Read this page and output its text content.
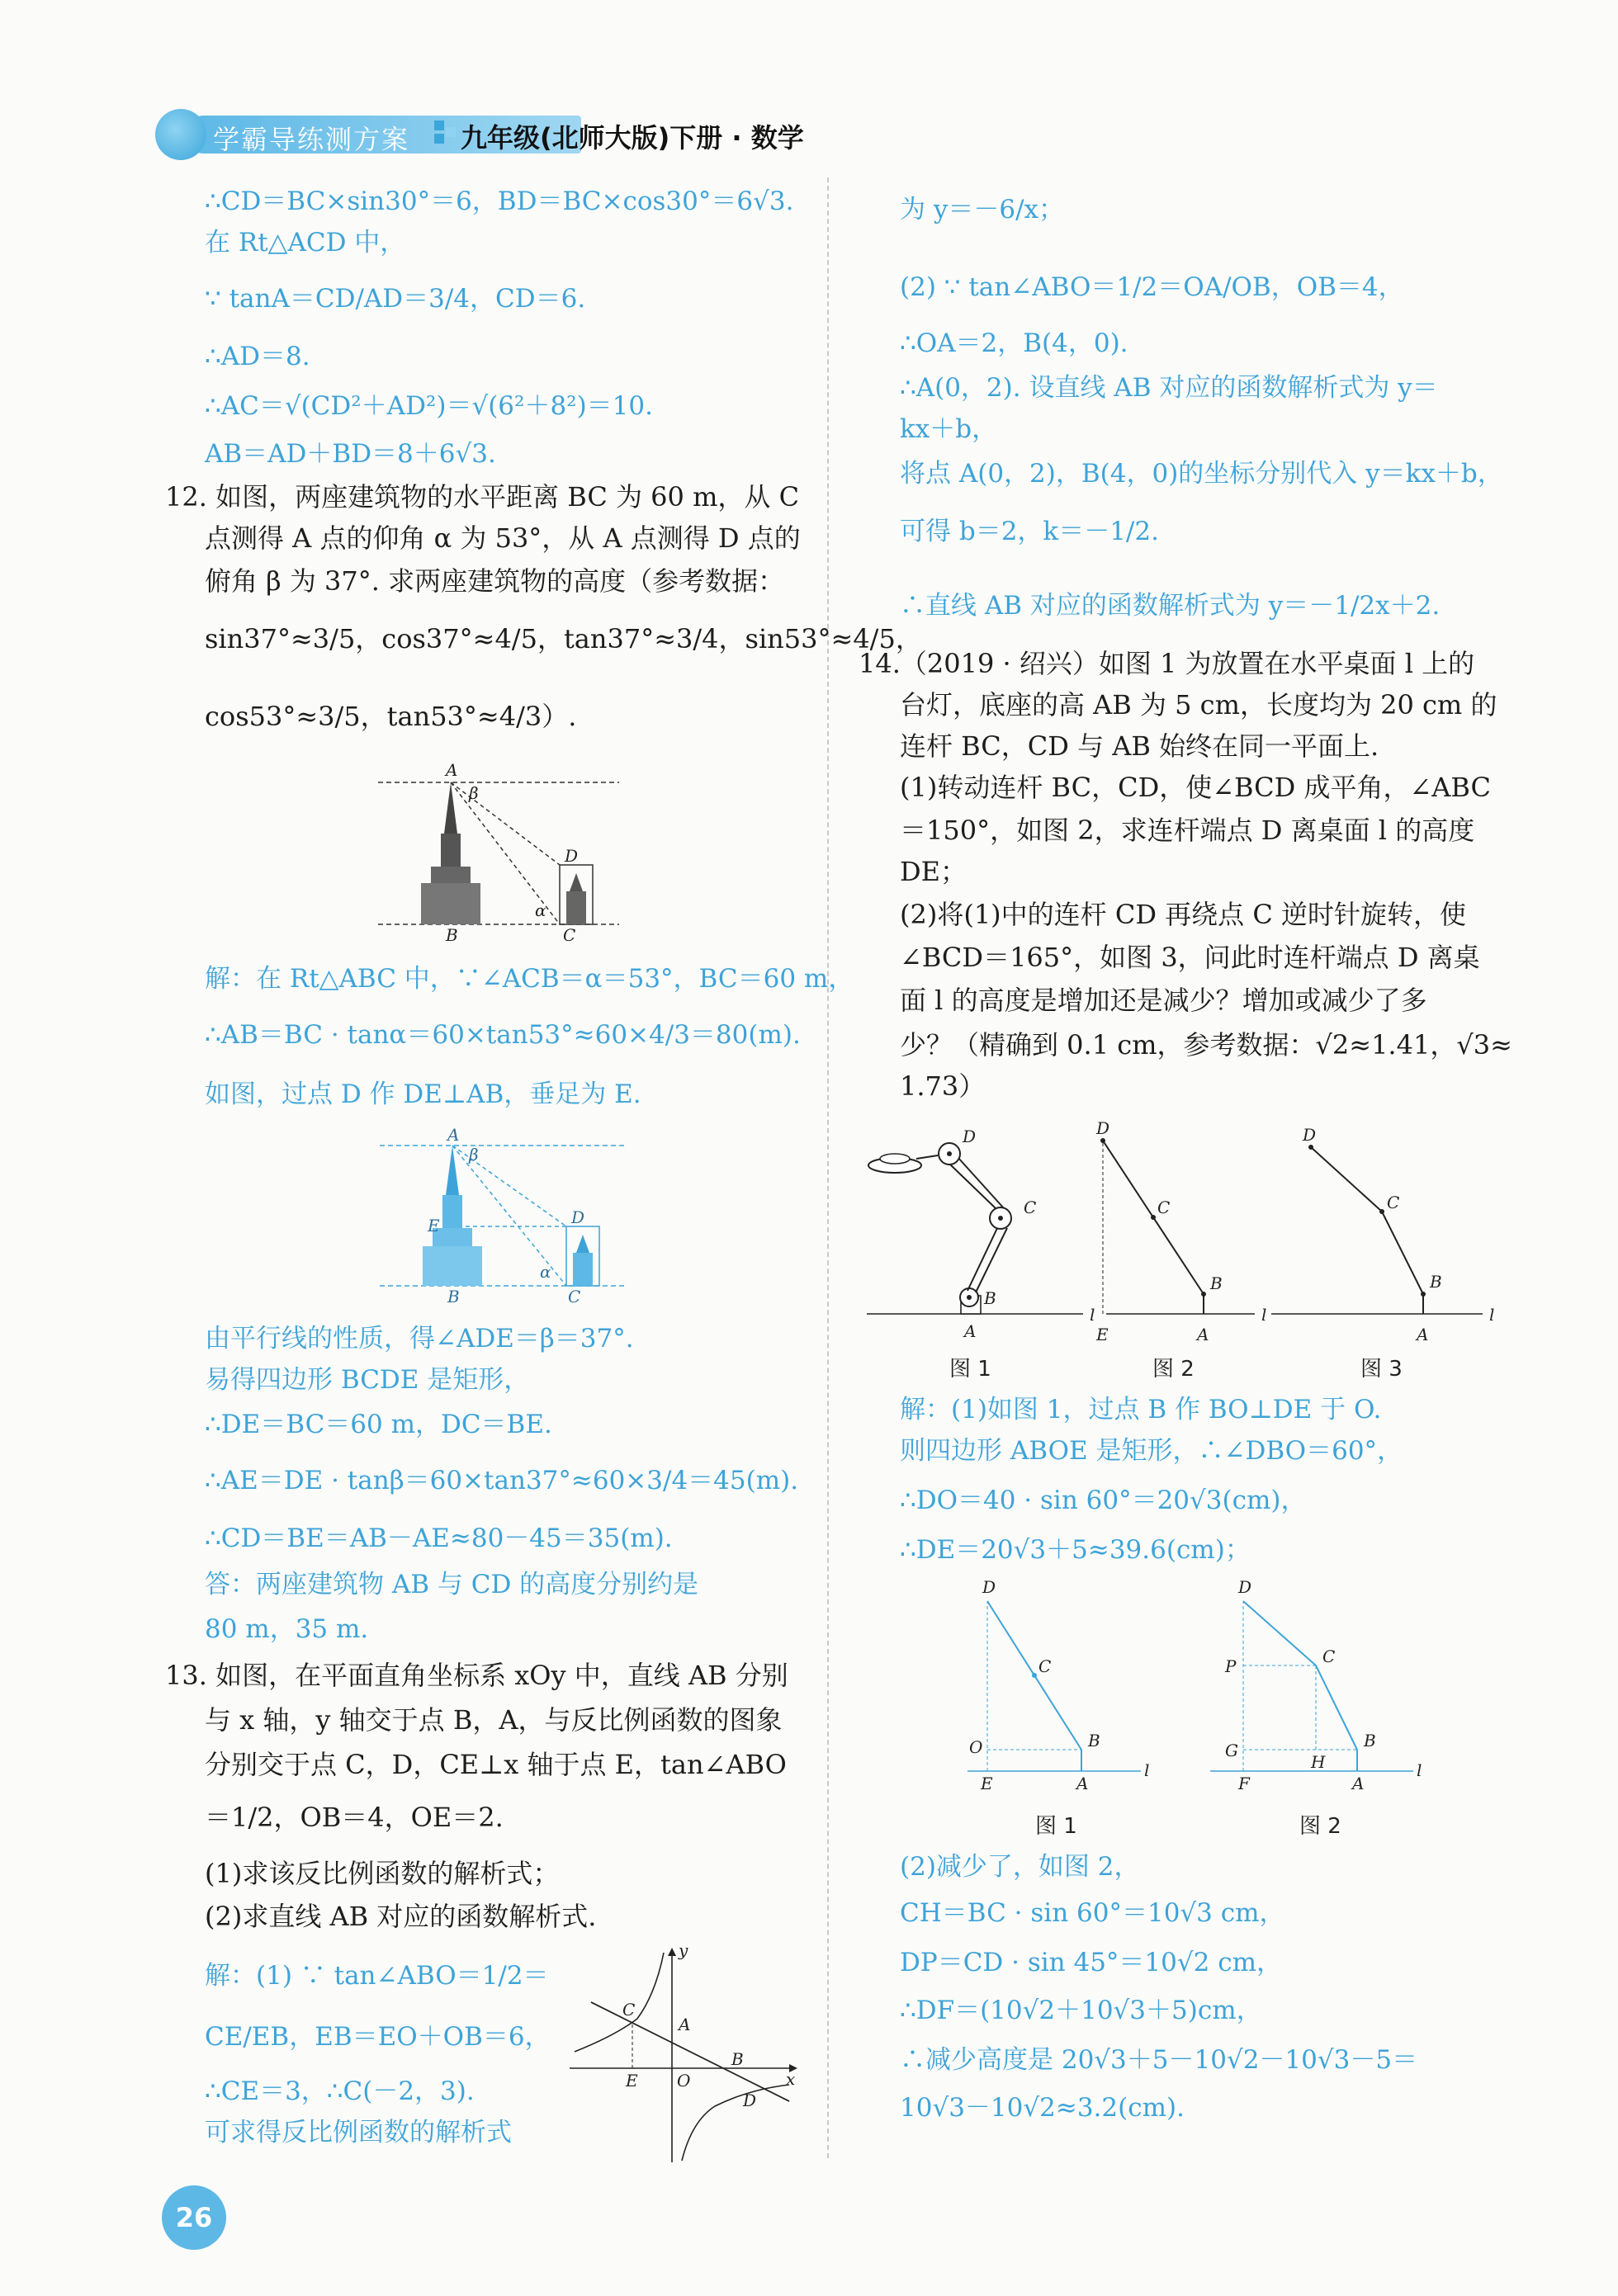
学霸导练测方案 九年级(北师大版)下册 · 数学
∴CD＝BC×sin30°＝6，BD＝BC×cos30°＝6√3.
在 Rt△ACD 中，
∵ tanA＝CD/AD＝3/4，CD＝6.
∴AD＝8.
∴AC＝√(CD²＋AD²)＝√(6²＋8²)＝10.
AB＝AD＋BD＝8＋6√3.
12. 如图，两座建筑物的水平距离 BC 为 60 m，从 C
点测得 A 点的仰角 α 为 53°，从 A 点测得 D 点的
俯角 β 为 37°. 求两座建筑物的高度（参考数据：
sin37°≈3/5，cos37°≈4/5，tan37°≈3/4，sin53°≈4/5，
cos53°≈3/5，tan53°≈4/3）.
A
β
D
B	C
α
解：在 Rt△ABC 中，∵∠ACB＝α＝53°，BC＝60 m，
∴AB＝BC · tanα＝60×tan53°≈60×4/3＝80(m).
如图，过点 D 作 DE⊥AB，垂足为 E.
A
β
E	D
B	C
α
由平行线的性质，得∠ADE＝β＝37°.
易得四边形 BCDE 是矩形，
∴DE＝BC＝60 m，DC＝BE.
∴AE＝DE · tanβ＝60×tan37°≈60×3/4＝45(m).
∴CD＝BE＝AB－AE≈80－45＝35(m).
答：两座建筑物 AB 与 CD 的高度分别约是
80 m，35 m.
13. 如图，在平面直角坐标系 xOy 中，直线 AB 分别
与 x 轴，y 轴交于点 B，A，与反比例函数的图象
分别交于点 C，D，CE⊥x 轴于点 E，tan∠ABO
＝1/2，OB＝4，OE＝2.
(1)求该反比例函数的解析式；
(2)求直线 AB 对应的函数解析式.
解：(1) ∵ tan∠ABO＝1/2＝
CE/EB，EB＝EO＋OB＝6，
∴CE＝3，∴C(－2，3).
可求得反比例函数的解析式
C
A
B
D
E O	x
y
为 y＝－6/x；
(2) ∵ tan∠ABO＝1/2＝OA/OB，OB＝4，
∴OA＝2，B(4，0).
∴A(0，2). 设直线 AB 对应的函数解析式为 y＝
kx＋b，
将点 A(0，2)，B(4，0)的坐标分别代入 y＝kx＋b，
可得 b＝2，k＝－1/2.
∴直线 AB 对应的函数解析式为 y＝－1/2x＋2.
14.（2019 · 绍兴）如图 1 为放置在水平桌面 l 上的
台灯，底座的高 AB 为 5 cm，长度均为 20 cm 的
连杆 BC，CD 与 AB 始终在同一平面上.
(1)转动连杆 BC，CD，使∠BCD 成平角，∠ABC
＝150°，如图 2，求连杆端点 D 离桌面 l 的高度
DE；
(2)将(1)中的连杆 CD 再绕点 C 逆时针旋转，使
∠BCD＝165°，如图 3，问此时连杆端点 D 离桌
面 l 的高度是增加还是减少？增加或减少了多
少？（精确到 0.1 cm，参考数据：√2≈1.41，√3≈
1.73）
A
B
C
D
l
E	A
B
C
D
l
A
B
C
D
l
图 1	图 2	图 3
解：(1)如图 1，过点 B 作 BO⊥DE 于 O.
则四边形 ABOE 是矩形，∴∠DBO＝60°，
∴DO＝40 · sin 60°＝20√3(cm)，
∴DE＝20√3＋5≈39.6(cm)；
D
C
B
O
E	A
l
D
C
B
P
G
H
F	A
l
图 1	图 2
(2)减少了，如图 2，
CH＝BC · sin 60°＝10√3 cm，
DP＝CD · sin 45°＝10√2 cm，
∴DF＝(10√2＋10√3＋5)cm，
∴减少高度是 20√3＋5－10√2－10√3－5＝
10√3－10√2≈3.2(cm).
26
